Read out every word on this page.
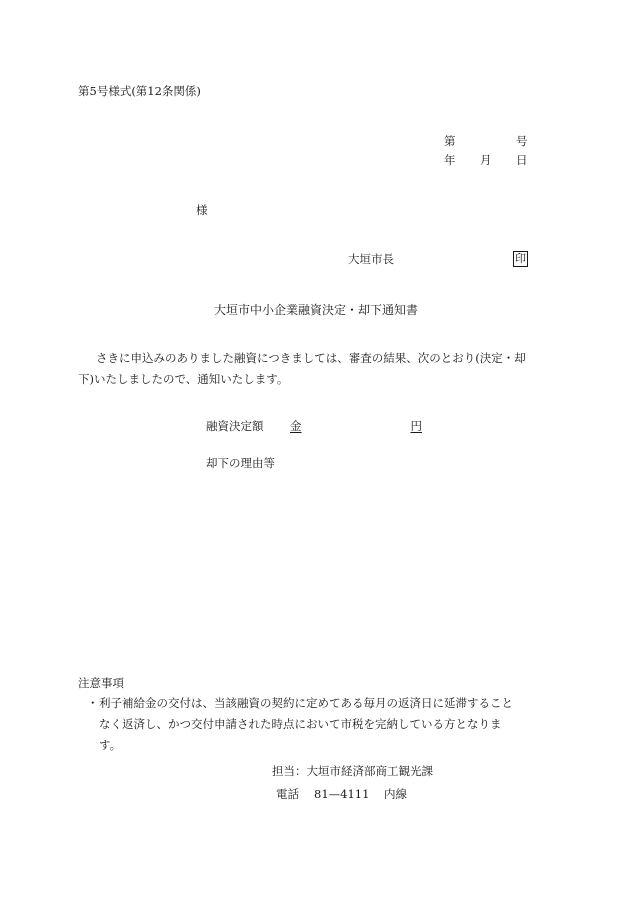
第5号様式(第12条関係)
第	号
年 月 日
様
大垣市長	印
大垣市中小企業融資決定・却下通知書
さきに申込みのありました融資につきましては、審査の結果、次のとおり(決定・却
下)いたしましたので、通知いたします。
融資決定額 金	円
却下の理由等
注意事項
・ 利子補給金の交付は、当該融資の契約に定めてある毎月の返済日に延滞すること
なく返済し、かつ交付申請された時点において市税を完納している方となりま
す。
担当：大垣市経済部商工観光課
電話 81—4111 内線
